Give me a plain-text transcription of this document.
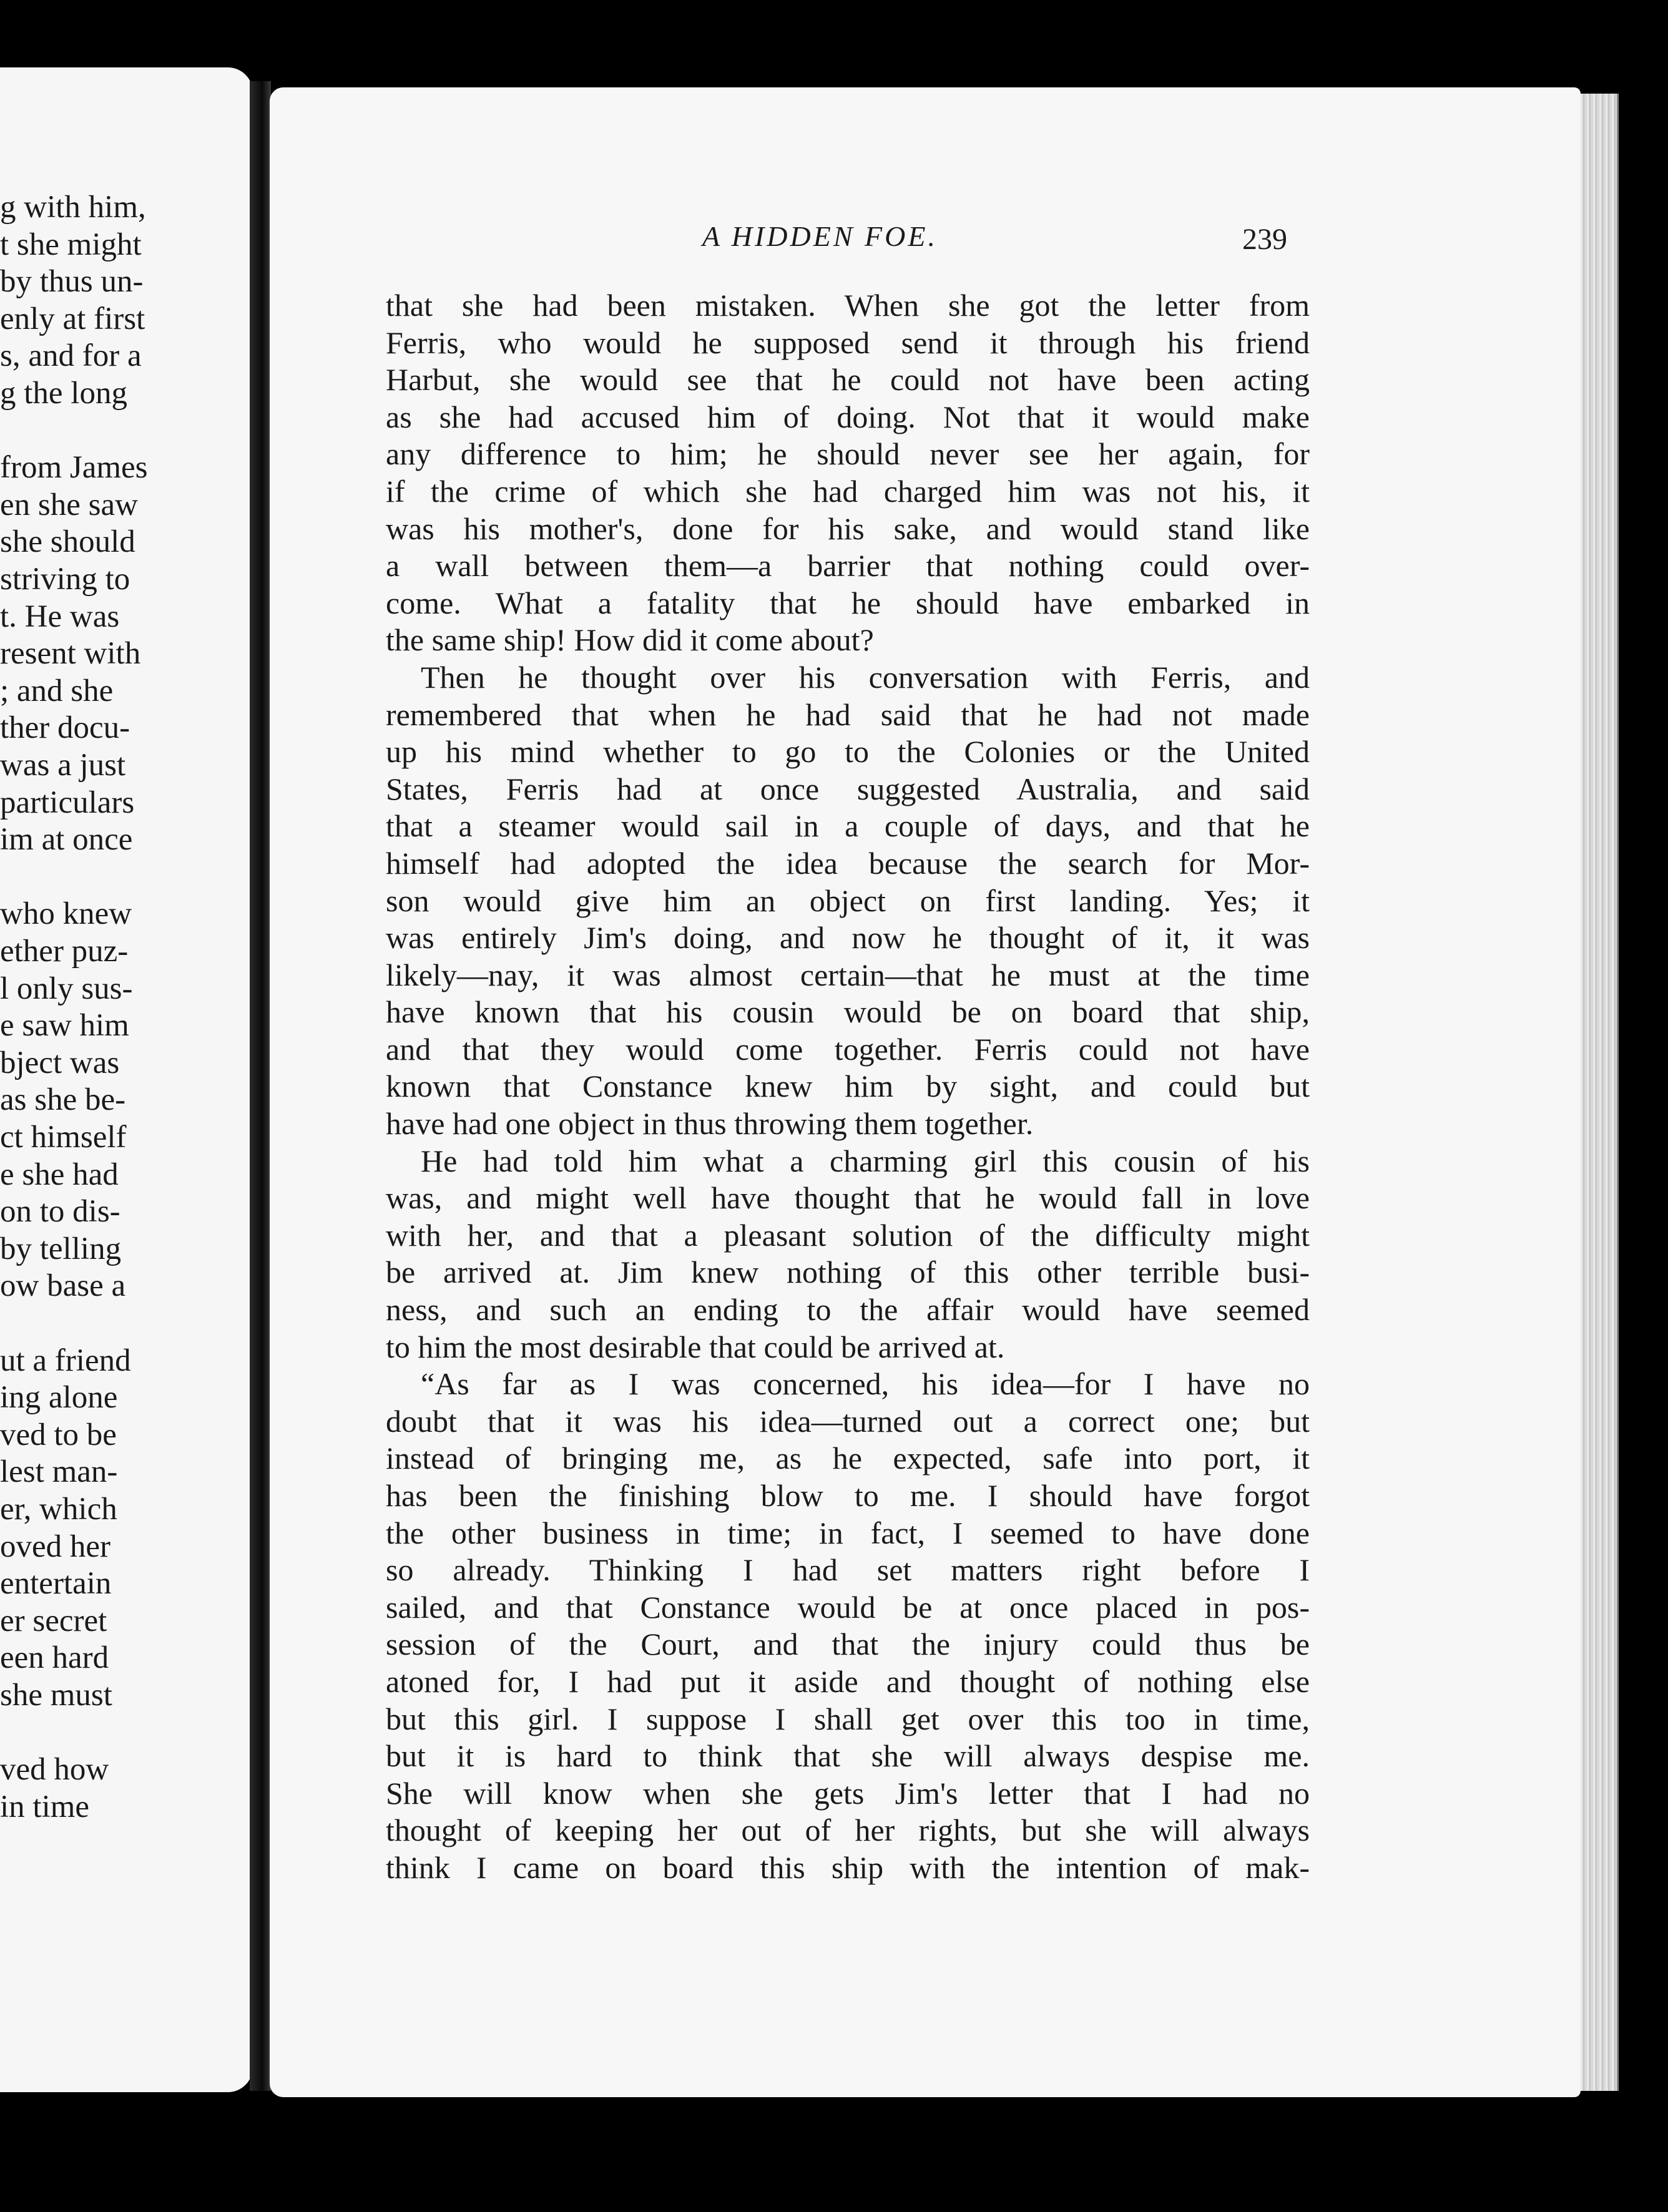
g with him,
t she might
by thus un-
enly at first
s, and for a
g the long
from James
en she saw
she should
striving to
t. He was
resent with
; and she
ther docu-
was a just
particulars
im at once
who knew
ether puz-
l only sus-
e saw him
bject was
as she be-
ct himself
e she had
on to dis-
by telling
ow base a
ut a friend
ing alone
ved to be
lest man-
er, which
oved her
entertain
er secret
een hard
she must
ved how
in time
A HIDDEN FOE.	239
that she had been mistaken. When she got the letter from
Ferris, who would he supposed send it through his friend
Harbut, she would see that he could not have been acting
as she had accused him of doing. Not that it would make
any difference to him; he should never see her again, for
if the crime of which she had charged him was not his, it
was his mother's, done for his sake, and would stand like
a wall between them—a barrier that nothing could over-
come. What a fatality that he should have embarked in
the same ship! How did it come about?
Then he thought over his conversation with Ferris, and
remembered that when he had said that he had not made
up his mind whether to go to the Colonies or the United
States, Ferris had at once suggested Australia, and said
that a steamer would sail in a couple of days, and that he
himself had adopted the idea because the search for Mor-
son would give him an object on first landing. Yes; it
was entirely Jim's doing, and now he thought of it, it was
likely—nay, it was almost certain—that he must at the time
have known that his cousin would be on board that ship,
and that they would come together. Ferris could not have
known that Constance knew him by sight, and could but
have had one object in thus throwing them together.
He had told him what a charming girl this cousin of his
was, and might well have thought that he would fall in love
with her, and that a pleasant solution of the difficulty might
be arrived at. Jim knew nothing of this other terrible busi-
ness, and such an ending to the affair would have seemed
to him the most desirable that could be arrived at.
“As far as I was concerned, his idea—for I have no
doubt that it was his idea—turned out a correct one; but
instead of bringing me, as he expected, safe into port, it
has been the finishing blow to me. I should have forgot
the other business in time; in fact, I seemed to have done
so already. Thinking I had set matters right before I
sailed, and that Constance would be at once placed in pos-
session of the Court, and that the injury could thus be
atoned for, I had put it aside and thought of nothing else
but this girl. I suppose I shall get over this too in time,
but it is hard to think that she will always despise me.
She will know when she gets Jim's letter that I had no
thought of keeping her out of her rights, but she will always
think I came on board this ship with the intention of mak-
